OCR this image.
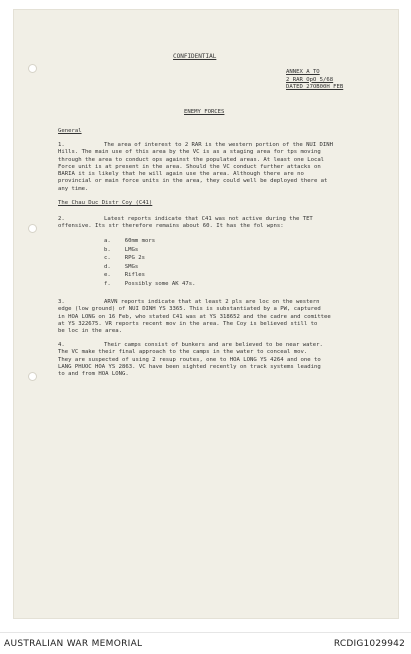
CONFIDENTIAL
ANNEX A TO
2 RAR OpO 5/68
DATED 27OB00H FEB
ENEMY FORCES
General
1.	The area of interest to 2 RAR is the western portion of the NUI DINH
Hills. The main use of this area by the VC is as a staging area for tps moving
through the area to conduct ops against the populated areas. At least one Local
Force unit is at present in the area. Should the VC conduct further attacks on
BARIA it is likely that he will again use the area. Although there are no
provincial or main force units in the area, they could well be deployed there at
any time.
The Chau Duc Distr Coy (C41)
2.	Latest reports indicate that C41 was not active during the TET
offensive. Its str therefore remains about 60. It has the fol wpns:
a.	60mm mors
b.	LMGs
c.	RPG 2s
d.	SMGs
e.	Rifles
f.	Possibly some AK 47s.
3.	ARVN reports indicate that at least 2 pls are loc on the western
edge (low ground) of NUI DINH YS 3365. This is substantiated by a PW, captured
in HOA LONG on 16 Feb, who stated C41 was at YS 318652 and the cadre and comittee
at YS 322675. VR reports recent mov in the area. The Coy is believed still to
be loc in the area.
4.	Their camps consist of bunkers and are believed to be near water.
The VC make their final approach to the camps in the water to conceal mov.
They are suspected of using 2 resup routes, one to HOA LONG YS 4264 and one to
LANG PHUOC HOA YS 2863. VC have been sighted recently on track systems leading
to and from HOA LONG.
AUSTRALIAN WAR MEMORIAL	RCDIG1029942
